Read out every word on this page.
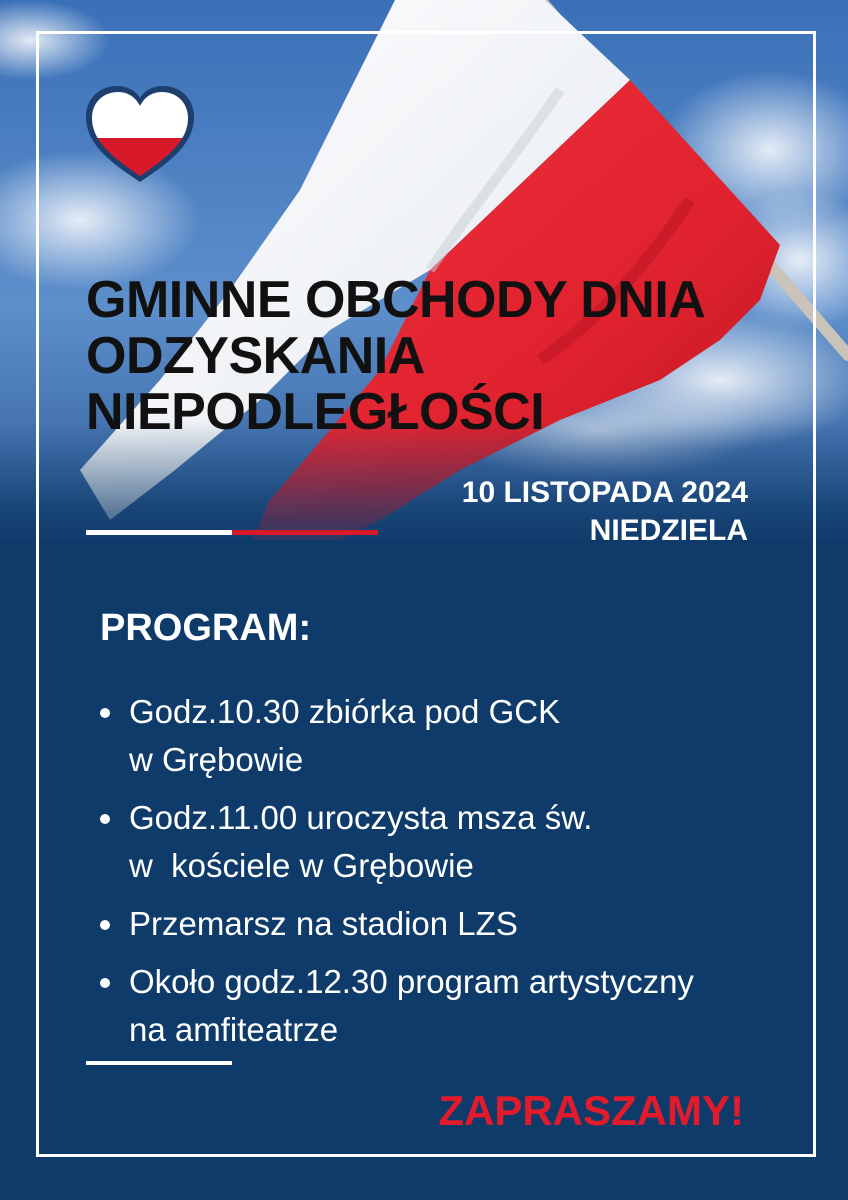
GMINNE OBCHODY DNIA
ODZYSKANIA
NIEPODLEGŁOŚCI
10 LISTOPADA 2024
NIEDZIELA
PROGRAM:
Godz.10.30 zbiórka pod GCK
w Grębowie
Godz.11.00 uroczysta msza św.
w  kościele w Grębowie
Przemarsz na stadion LZS
Około godz.12.30 program artystyczny
na amfiteatrze

ZAPRASZAMY!
